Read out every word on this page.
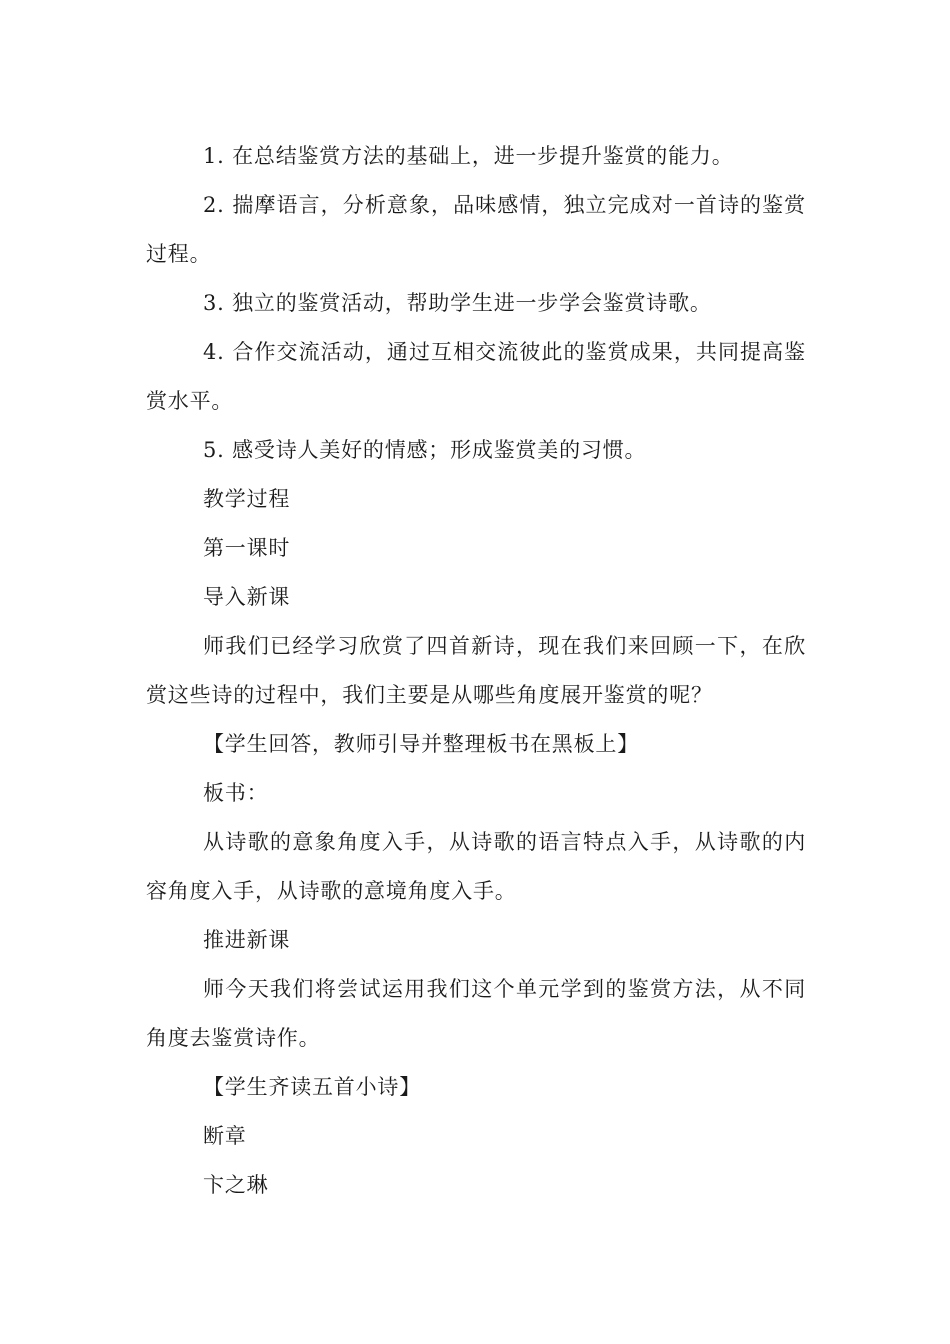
1. 在总结鉴赏方法的基础上，进一步提升鉴赏的能力。

2. 揣摩语言，分析意象，品味感情，独立完成对一首诗的鉴赏过程。

3. 独立的鉴赏活动，帮助学生进一步学会鉴赏诗歌。

4. 合作交流活动，通过互相交流彼此的鉴赏成果，共同提高鉴赏水平。

5. 感受诗人美好的情感；形成鉴赏美的习惯。

教学过程

第一课时

导入新课

师我们已经学习欣赏了四首新诗，现在我们来回顾一下，在欣赏这些诗的过程中，我们主要是从哪些角度展开鉴赏的呢？

【学生回答，教师引导并整理板书在黑板上】

板书：

从诗歌的意象角度入手，从诗歌的语言特点入手，从诗歌的内容角度入手，从诗歌的意境角度入手。

推进新课

师今天我们将尝试运用我们这个单元学到的鉴赏方法，从不同角度去鉴赏诗作。

【学生齐读五首小诗】

断章

卞之琳
